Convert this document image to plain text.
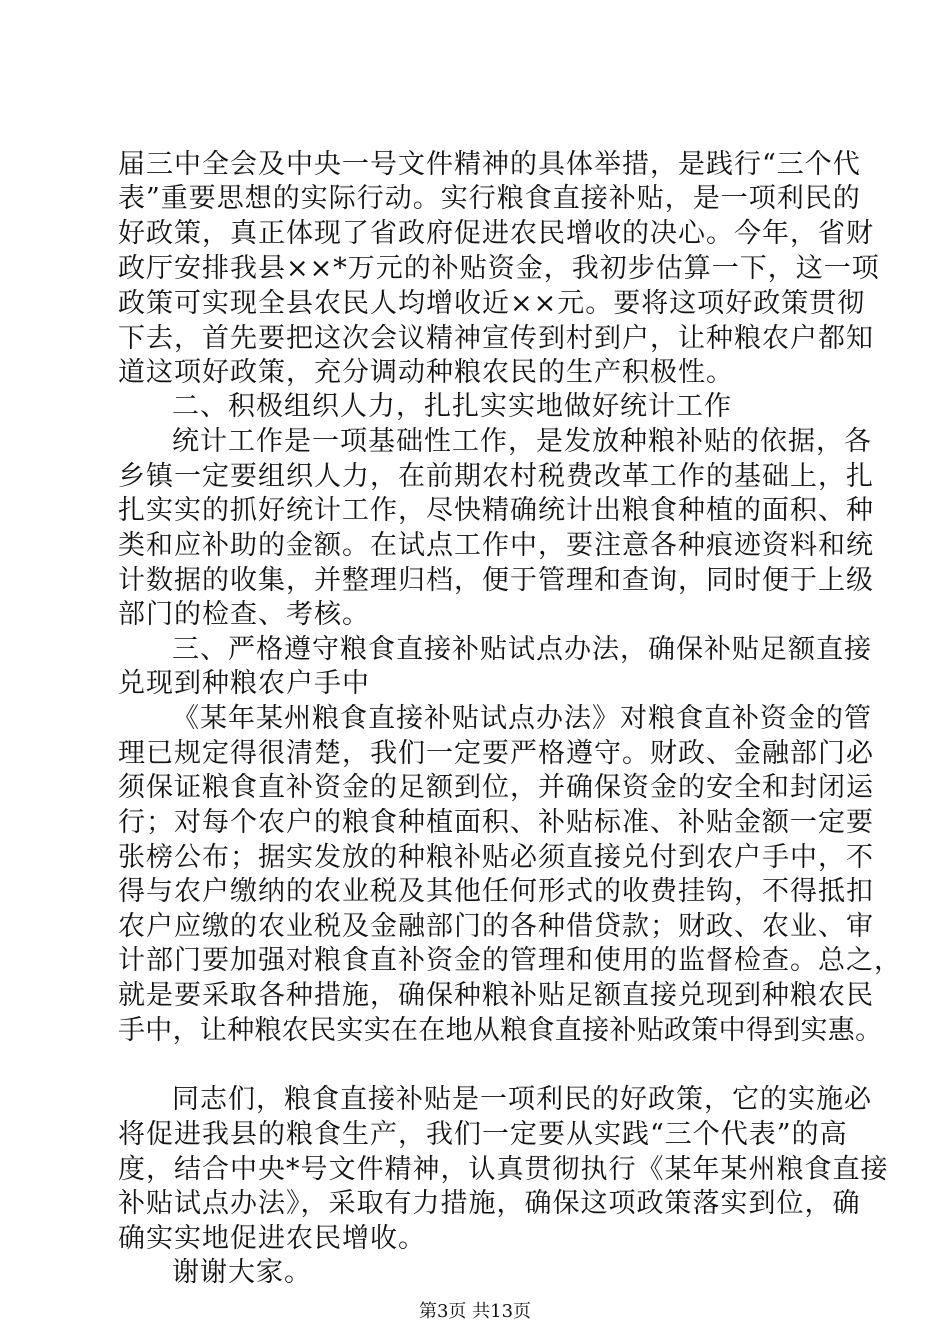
届三中全会及中央一号文件精神的具体举措，是践行“三个代
表”重要思想的实际行动。实行粮食直接补贴，是一项利民的
好政策，真正体现了省政府促进农民增收的决心。今年，省财
政厅安排我县××*万元的补贴资金，我初步估算一下，这一项
政策可实现全县农民人均增收近××元。要将这项好政策贯彻
下去，首先要把这次会议精神宣传到村到户，让种粮农户都知
道这项好政策，充分调动种粮农民的生产积极性。
二、积极组织人力，扎扎实实地做好统计工作
统计工作是一项基础性工作，是发放种粮补贴的依据，各
乡镇一定要组织人力，在前期农村税费改革工作的基础上，扎
扎实实的抓好统计工作，尽快精确统计出粮食种植的面积、种
类和应补助的金额。在试点工作中，要注意各种痕迹资料和统
计数据的收集，并整理归档，便于管理和查询，同时便于上级
部门的检查、考核。
三、严格遵守粮食直接补贴试点办法，确保补贴足额直接
兑现到种粮农户手中
《某年某州粮食直接补贴试点办法》对粮食直补资金的管
理已规定得很清楚，我们一定要严格遵守。财政、金融部门必
须保证粮食直补资金的足额到位，并确保资金的安全和封闭运
行；对每个农户的粮食种植面积、补贴标准、补贴金额一定要
张榜公布；据实发放的种粮补贴必须直接兑付到农户手中，不
得与农户缴纳的农业税及其他任何形式的收费挂钩，不得抵扣
农户应缴的农业税及金融部门的各种借贷款；财政、农业、审
计部门要加强对粮食直补资金的管理和使用的监督检查。总之，
就是要采取各种措施，确保种粮补贴足额直接兑现到种粮农民
手中，让种粮农民实实在在地从粮食直接补贴政策中得到实惠。
同志们，粮食直接补贴是一项利民的好政策，它的实施必
将促进我县的粮食生产，我们一定要从实践“三个代表”的高
度，结合中央*号文件精神，认真贯彻执行《某年某州粮食直接
补贴试点办法》，采取有力措施，确保这项政策落实到位，确
确实实地促进农民增收。
谢谢大家。
第3页 共13页
